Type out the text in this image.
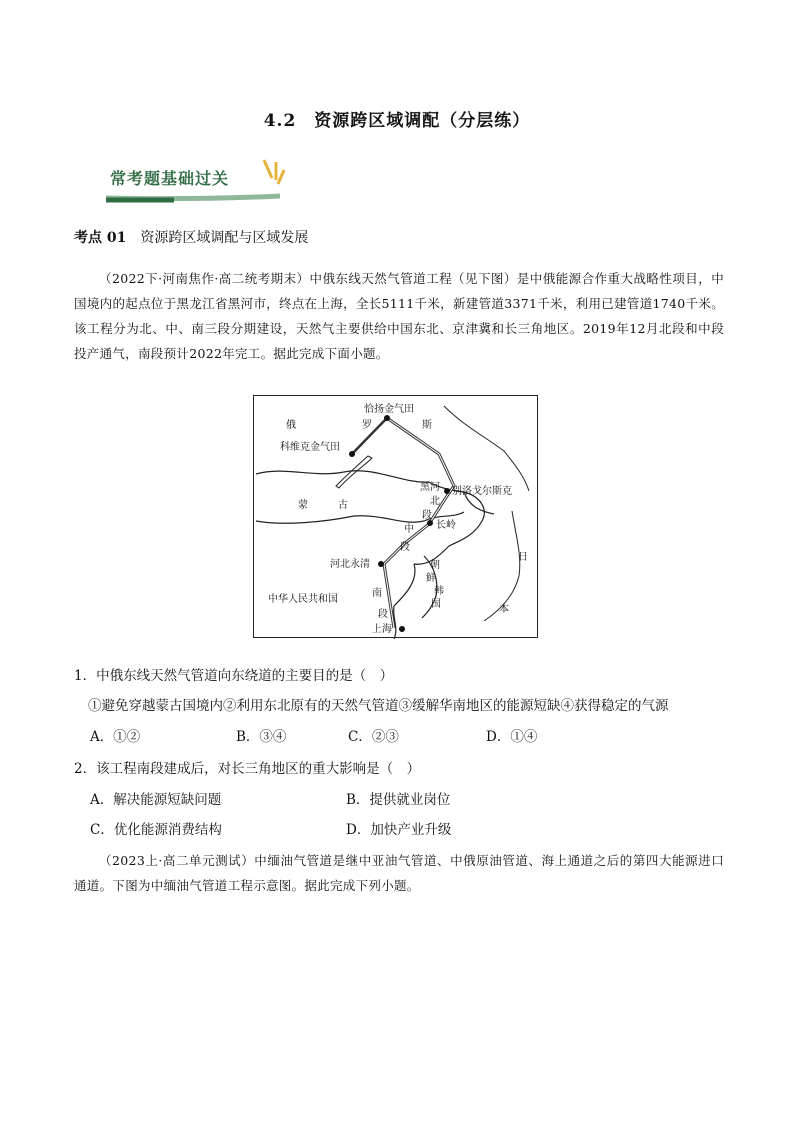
4.2　资源跨区域调配（分层练）
常考题基础过关
考点 01 资源跨区域调配与区域发展
（2022下·河南焦作·高二统考期末）中俄东线天然气管道工程（见下图）是中俄能源合作重大战略性项目，中国境内的起点位于黑龙江省黑河市，终点在上海，全长5111千米，新建管道3371千米，利用已建管道1740千米。该工程分为北、中、南三段分期建设，天然气主要供给中国东北、京津冀和长三角地区。2019年12月北段和中段投产通气，南段预计2022年完工。据此完成下面小题。
俄	罗	斯
恰扬金气田
科维克金气田
蒙	古
黑河 别洛戈尔斯克
北
段
中
段
长岭
河北永清
南
段
上海
中华人民共和国
朝
鲜
韩
国
日
本
1．中俄东线天然气管道向东绕道的主要目的是（　）
①避免穿越蒙古国境内②利用东北原有的天然气管道③缓解华南地区的能源短缺④获得稳定的气源
A．①②	B．③④	C．②③	D．①④
2．该工程南段建成后，对长三角地区的重大影响是（　）
A．解决能源短缺问题	B．提供就业岗位
C．优化能源消费结构	D．加快产业升级
（2023上·高二单元测试）中缅油气管道是继中亚油气管道、中俄原油管道、海上通道之后的第四大能源进口通道。下图为中缅油气管道工程示意图。据此完成下列小题。
